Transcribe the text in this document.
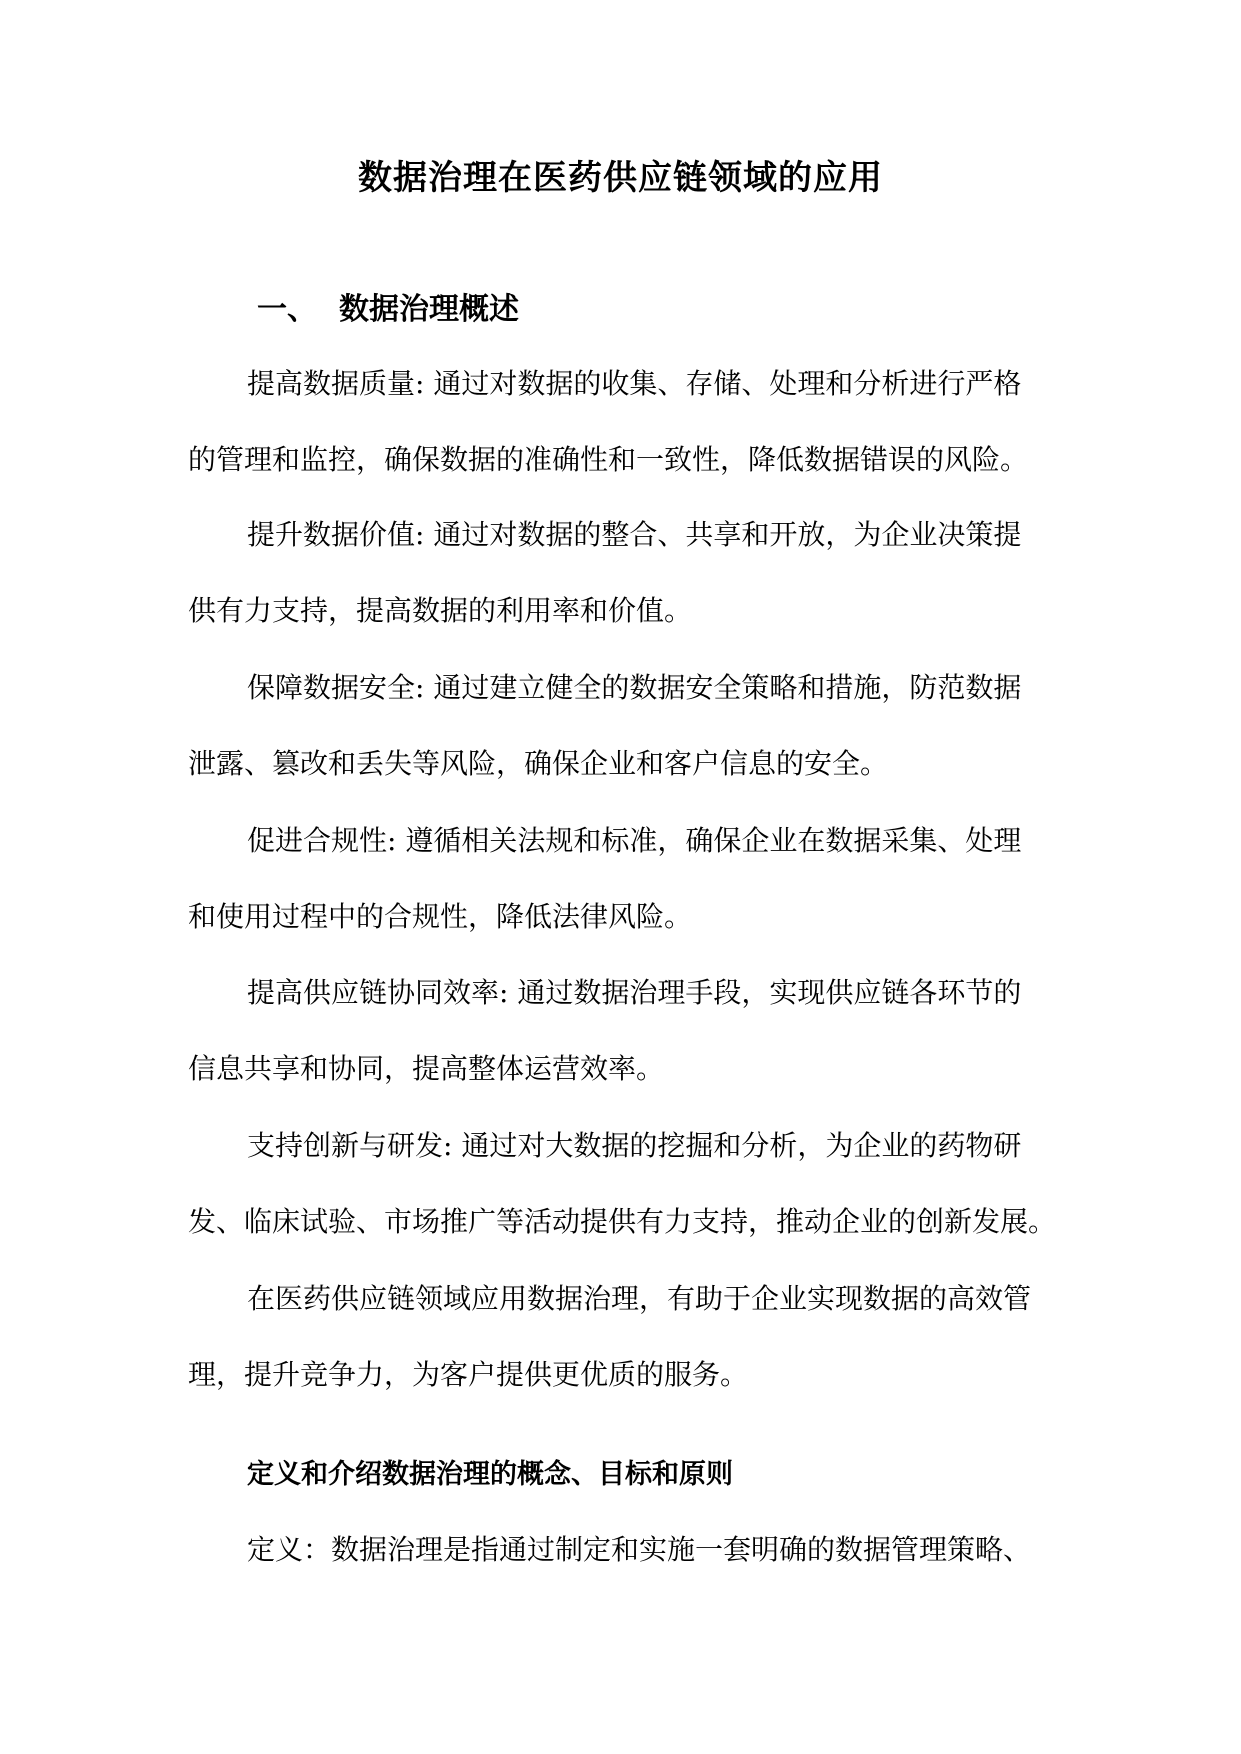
数据治理在医药供应链领域的应用
一、 数据治理概述
提高数据质量: 通过对数据的收集、存储、处理和分析进行严格
的管理和监控，确保数据的准确性和一致性，降低数据错误的风险。
提升数据价值: 通过对数据的整合、共享和开放，为企业决策提
供有力支持，提高数据的利用率和价值。
保障数据安全: 通过建立健全的数据安全策略和措施，防范数据
泄露、篡改和丢失等风险，确保企业和客户信息的安全。
促进合规性: 遵循相关法规和标准，确保企业在数据采集、处理
和使用过程中的合规性，降低法律风险。
提高供应链协同效率: 通过数据治理手段，实现供应链各环节的
信息共享和协同，提高整体运营效率。
支持创新与研发: 通过对大数据的挖掘和分析，为企业的药物研
发、临床试验、市场推广等活动提供有力支持，推动企业的创新发展。
在医药供应链领域应用数据治理，有助于企业实现数据的高效管
理，提升竞争力，为客户提供更优质的服务。
定义和介绍数据治理的概念、目标和原则
定义：数据治理是指通过制定和实施一套明确的数据管理策略、
